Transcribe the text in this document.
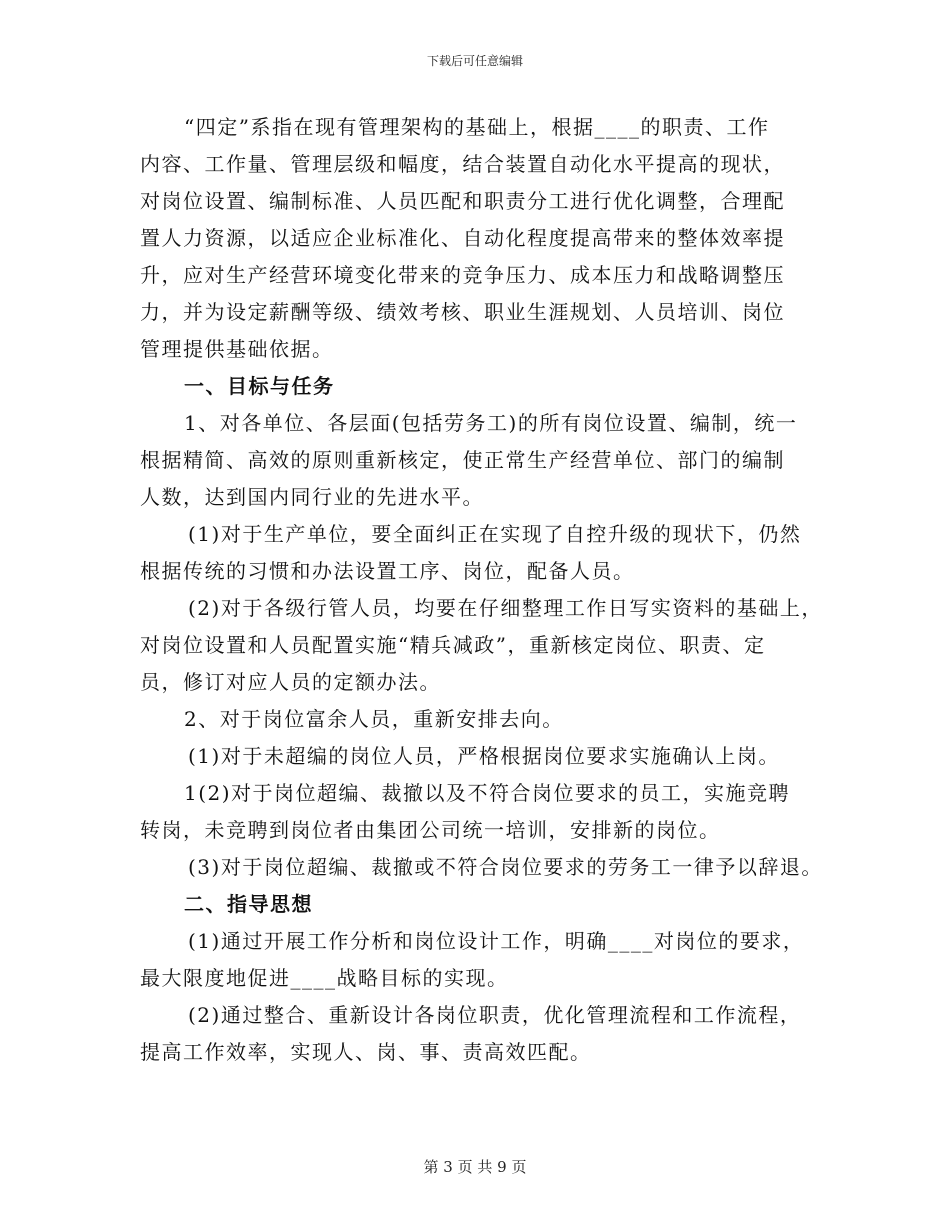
下载后可任意编辑

“四定”系指在现有管理架构的基础上，根据____的职责、工作

内容、工作量、管理层级和幅度，结合装置自动化水平提高的现状，

对岗位设置、编制标准、人员匹配和职责分工进行优化调整，合理配

置人力资源，以适应企业标准化、自动化程度提高带来的整体效率提

升，应对生产经营环境变化带来的竞争压力、成本压力和战略调整压

力，并为设定薪酬等级、绩效考核、职业生涯规划、人员培训、岗位

管理提供基础依据。

一、目标与任务

1、对各单位、各层面(包括劳务工)的所有岗位设置、编制，统一

根据精简、高效的原则重新核定，使正常生产经营单位、部门的编制

人数，达到国内同行业的先进水平。

(1)对于生产单位，要全面纠正在实现了自控升级的现状下，仍然

根据传统的习惯和办法设置工序、岗位，配备人员。

(2)对于各级行管人员，均要在仔细整理工作日写实资料的基础上，

对岗位设置和人员配置实施“精兵减政”，重新核定岗位、职责、定

员，修订对应人员的定额办法。

2、对于岗位富余人员，重新安排去向。

(1)对于未超编的岗位人员，严格根据岗位要求实施确认上岗。

1(2)对于岗位超编、裁撤以及不符合岗位要求的员工，实施竞聘

转岗，未竞聘到岗位者由集团公司统一培训，安排新的岗位。

(3)对于岗位超编、裁撤或不符合岗位要求的劳务工一律予以辞退。

二、指导思想

(1)通过开展工作分析和岗位设计工作，明确____对岗位的要求，

最大限度地促进____战略目标的实现。

(2)通过整合、重新设计各岗位职责，优化管理流程和工作流程，

提高工作效率，实现人、岗、事、责高效匹配。

第 3 页 共 9 页
